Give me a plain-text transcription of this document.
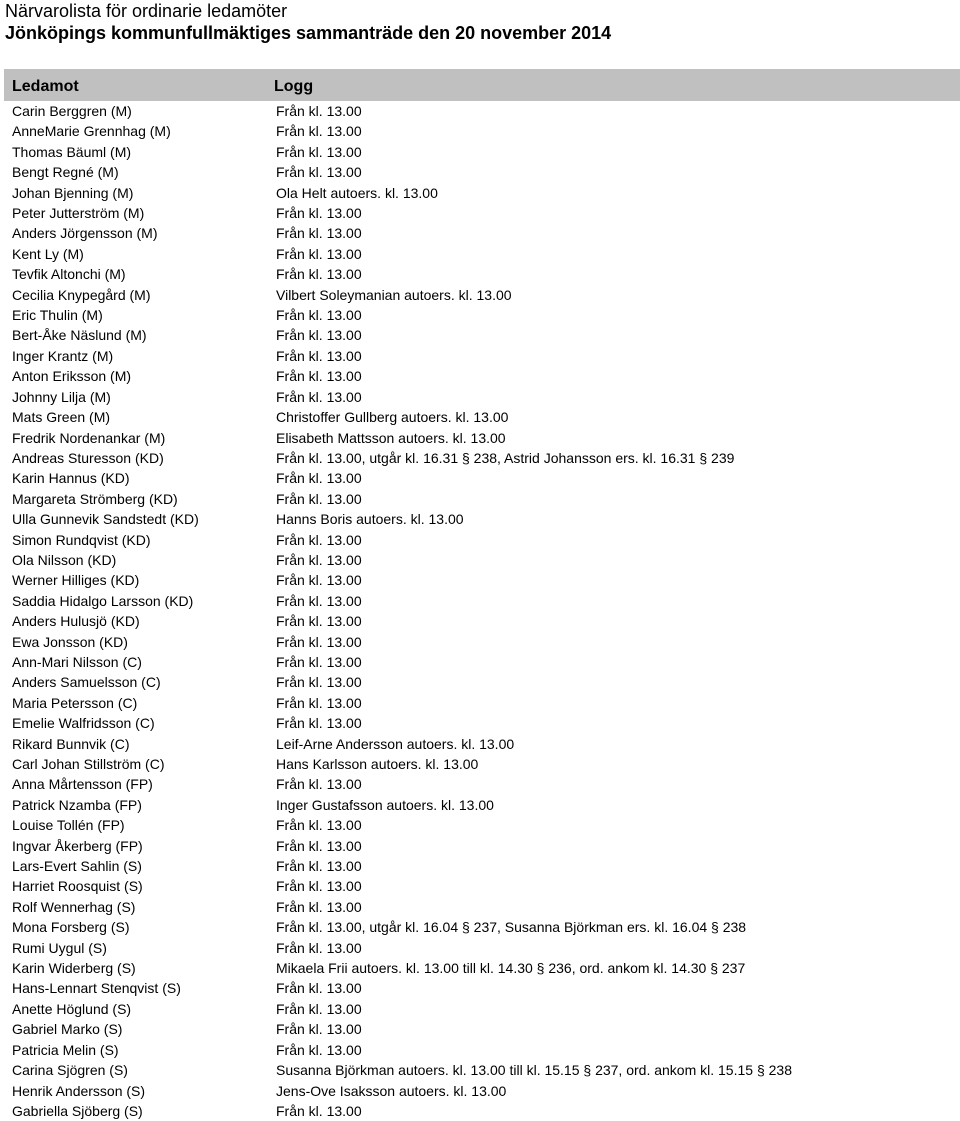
Närvarolista för ordinarie ledamöter
Jönköpings kommunfullmäktiges sammanträde den 20 november 2014
Ledamot	Logg
Carin Berggren (M)	Från kl. 13.00
AnneMarie Grennhag (M)	Från kl. 13.00
Thomas Bäuml (M)	Från kl. 13.00
Bengt Regné (M)	Från kl. 13.00
Johan Bjenning (M)	Ola Helt autoers. kl. 13.00
Peter Jutterström (M)	Från kl. 13.00
Anders Jörgensson (M)	Från kl. 13.00
Kent Ly (M)	Från kl. 13.00
Tevfik Altonchi (M)	Från kl. 13.00
Cecilia Knypegård (M)	Vilbert Soleymanian autoers. kl. 13.00
Eric Thulin (M)	Från kl. 13.00
Bert-Åke Näslund (M)	Från kl. 13.00
Inger Krantz (M)	Från kl. 13.00
Anton Eriksson (M)	Från kl. 13.00
Johnny Lilja (M)	Från kl. 13.00
Mats Green (M)	Christoffer Gullberg autoers. kl. 13.00
Fredrik Nordenankar (M)	Elisabeth Mattsson autoers. kl. 13.00
Andreas Sturesson (KD)	Från kl. 13.00, utgår kl. 16.31 § 238, Astrid Johansson ers. kl. 16.31 § 239
Karin Hannus (KD)	Från kl. 13.00
Margareta Strömberg (KD)	Från kl. 13.00
Ulla Gunnevik Sandstedt (KD)	Hanns Boris autoers. kl. 13.00
Simon Rundqvist (KD)	Från kl. 13.00
Ola Nilsson (KD)	Från kl. 13.00
Werner Hilliges (KD)	Från kl. 13.00
Saddia Hidalgo Larsson (KD)	Från kl. 13.00
Anders Hulusjö (KD)	Från kl. 13.00
Ewa Jonsson (KD)	Från kl. 13.00
Ann-Mari Nilsson (C)	Från kl. 13.00
Anders Samuelsson (C)	Från kl. 13.00
Maria Petersson (C)	Från kl. 13.00
Emelie Walfridsson (C)	Från kl. 13.00
Rikard Bunnvik (C)	Leif-Arne Andersson autoers. kl. 13.00
Carl Johan Stillström (C)	Hans Karlsson autoers. kl. 13.00
Anna Mårtensson (FP)	Från kl. 13.00
Patrick Nzamba (FP)	Inger Gustafsson autoers. kl. 13.00
Louise Tollén (FP)	Från kl. 13.00
Ingvar Åkerberg (FP)	Från kl. 13.00
Lars-Evert Sahlin (S)	Från kl. 13.00
Harriet Roosquist (S)	Från kl. 13.00
Rolf Wennerhag (S)	Från kl. 13.00
Mona Forsberg (S)	Från kl. 13.00, utgår kl. 16.04 § 237, Susanna Björkman ers. kl. 16.04 § 238
Rumi Uygul (S)	Från kl. 13.00
Karin Widerberg (S)	Mikaela Frii autoers. kl. 13.00 till kl. 14.30 § 236, ord. ankom kl. 14.30 § 237
Hans-Lennart Stenqvist (S)	Från kl. 13.00
Anette Höglund (S)	Från kl. 13.00
Gabriel Marko (S)	Från kl. 13.00
Patricia Melin (S)	Från kl. 13.00
Carina Sjögren (S)	Susanna Björkman autoers. kl. 13.00 till kl. 15.15 § 237, ord. ankom kl. 15.15 § 238
Henrik Andersson (S)	Jens-Ove Isaksson autoers. kl. 13.00
Gabriella Sjöberg (S)	Från kl. 13.00
